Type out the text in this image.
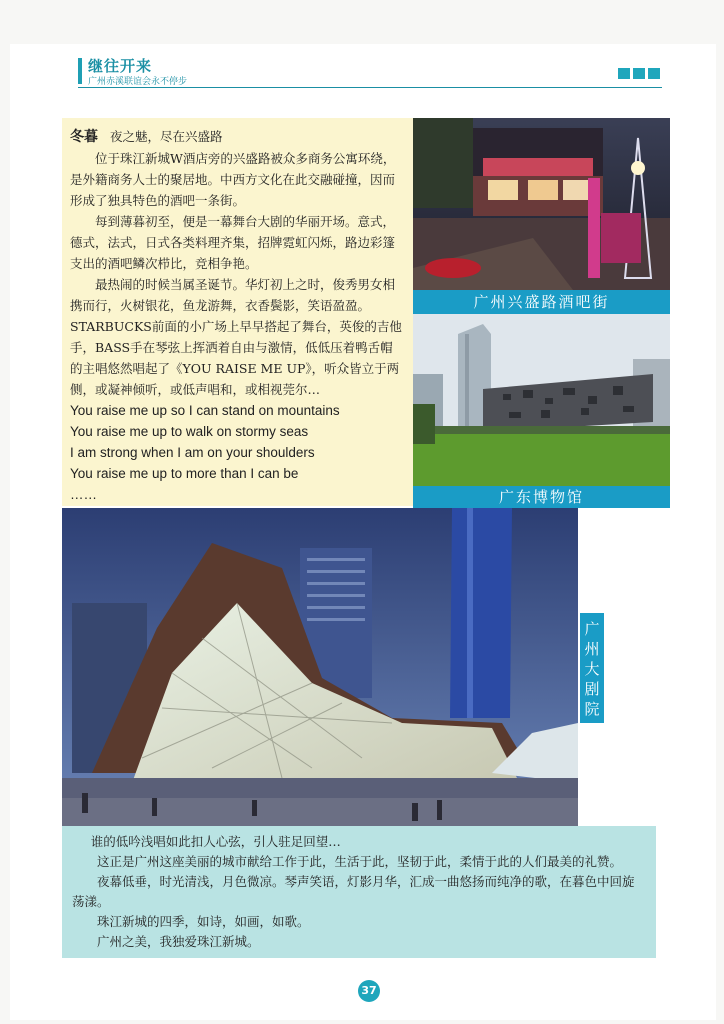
继往开来
广州赤溪联谊会永不停步

冬暮 夜之魅，尽在兴盛路

位于珠江新城W酒店旁的兴盛路被众多商务公寓环绕，是外籍商务人士的聚居地。中西方文化在此交融碰撞，因而形成了独具特色的酒吧一条街。

每到薄暮初至，便是一幕舞台大剧的华丽开场。意式，德式，法式，日式各类料理齐集，招牌霓虹闪烁，路边彩篷支出的酒吧鳞次栉比，竞相争艳。

最热闹的时候当属圣诞节。华灯初上之时，俊秀男女相携而行，火树银花，鱼龙游舞，衣香鬓影，笑语盈盈。STARBUCKS前面的小广场上早早搭起了舞台，英俊的吉他手，BASS手在琴弦上挥洒着自由与激情，低低压着鸭舌帽的主唱悠然唱起了《YOU RAISE ME UP》，听众皆立于两侧，或凝神倾听，或低声唱和，或相视莞尔…

You raise me up so I can stand on mountains

You raise me up to walk on stormy seas

I am strong when I am on your shoulders

You raise me up to more than I can be

……

广州兴盛路酒吧街
广东博物馆
广
州
大
剧
院

谁的低吟浅唱如此扣人心弦，引人驻足回望…

这正是广州这座美丽的城市献给工作于此，生活于此，坚韧于此，柔情于此的人们最美的礼赞。

夜幕低垂，时光清浅，月色微凉。琴声笑语，灯影月华，汇成一曲悠扬而纯净的歌，在暮色中回旋荡漾。

珠江新城的四季，如诗，如画，如歌。

广州之美，我独爱珠江新城。

37
